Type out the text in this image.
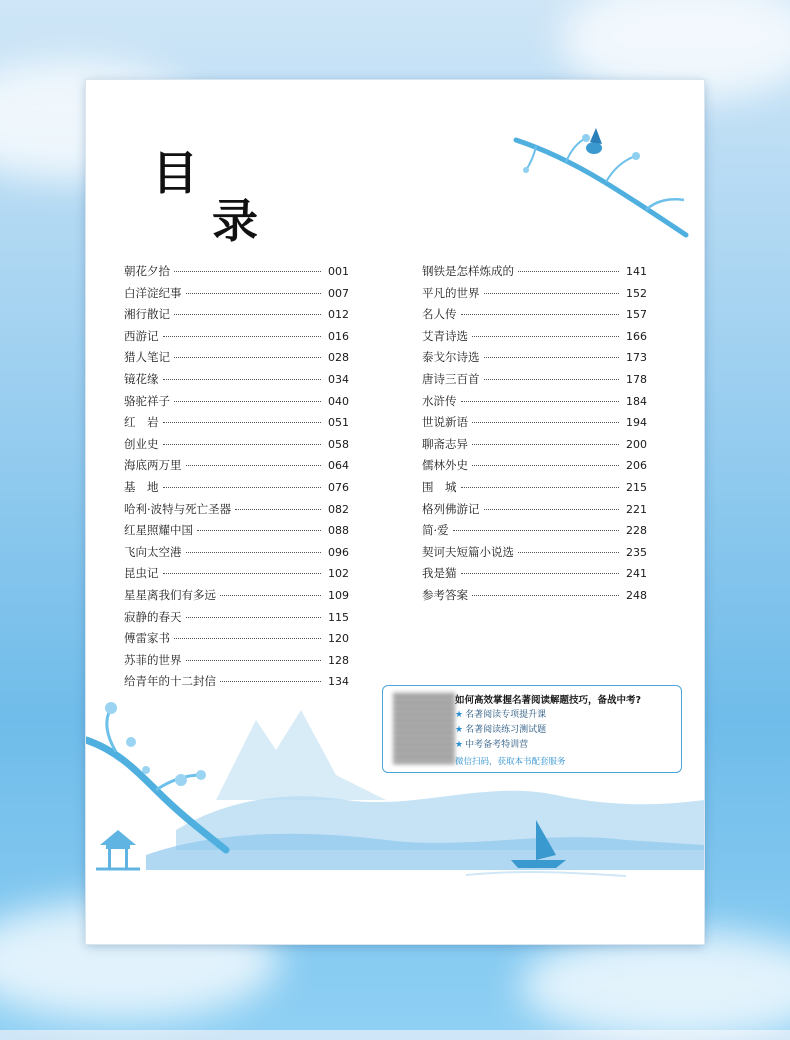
目
录
朝花夕拾	001
白洋淀纪事	007
湘行散记	012
西游记	016
猎人笔记	028
镜花缘	034
骆驼祥子	040
红　岩	051
创业史	058
海底两万里	064
基　地	076
哈利·波特与死亡圣器	082
红星照耀中国	088
飞向太空港	096
昆虫记	102
星星离我们有多远	109
寂静的春天	115
傅雷家书	120
苏菲的世界	128
给青年的十二封信	134
钢铁是怎样炼成的	141
平凡的世界	152
名人传	157
艾青诗选	166
泰戈尔诗选	173
唐诗三百首	178
水浒传	184
世说新语	194
聊斋志异	200
儒林外史	206
围　城	215
格列佛游记	221
简·爱	228
契诃夫短篇小说选	235
我是猫	241
参考答案	248
如何高效掌握名著阅读解题技巧，备战中考?
★ 名著阅读专项提升课
★ 名著阅读练习测试题
★ 中考备考特训营
微信扫码，获取本书配套服务
